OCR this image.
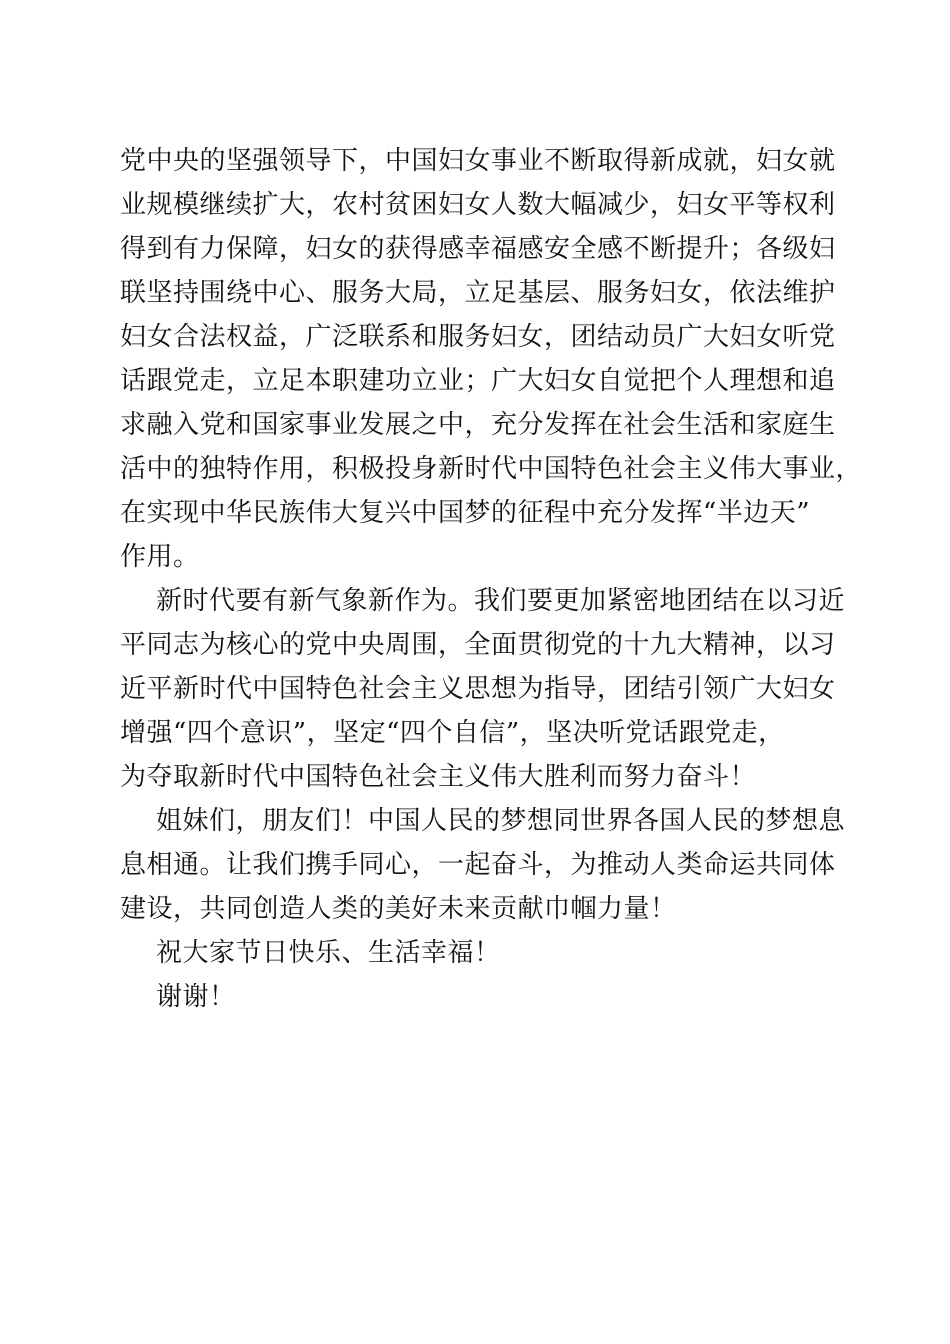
党中央的坚强领导下，中国妇女事业不断取得新成就，妇女就
业规模继续扩大，农村贫困妇女人数大幅减少，妇女平等权利
得到有力保障，妇女的获得感幸福感安全感不断提升；各级妇
联坚持围绕中心、服务大局，立足基层、服务妇女，依法维护
妇女合法权益，广泛联系和服务妇女，团结动员广大妇女听党
话跟党走，立足本职建功立业；广大妇女自觉把个人理想和追
求融入党和国家事业发展之中，充分发挥在社会生活和家庭生
活中的独特作用，积极投身新时代中国特色社会主义伟大事业，
在实现中华民族伟大复兴中国梦的征程中充分发挥“半边天”
作用。
新时代要有新气象新作为。我们要更加紧密地团结在以习近
平同志为核心的党中央周围，全面贯彻党的十九大精神，以习
近平新时代中国特色社会主义思想为指导，团结引领广大妇女
增强“四个意识”，坚定“四个自信”，坚决听党话跟党走，
为夺取新时代中国特色社会主义伟大胜利而努力奋斗！
姐妹们，朋友们！中国人民的梦想同世界各国人民的梦想息
息相通。让我们携手同心，一起奋斗，为推动人类命运共同体
建设，共同创造人类的美好未来贡献巾帼力量！
祝大家节日快乐、生活幸福！
谢谢！
